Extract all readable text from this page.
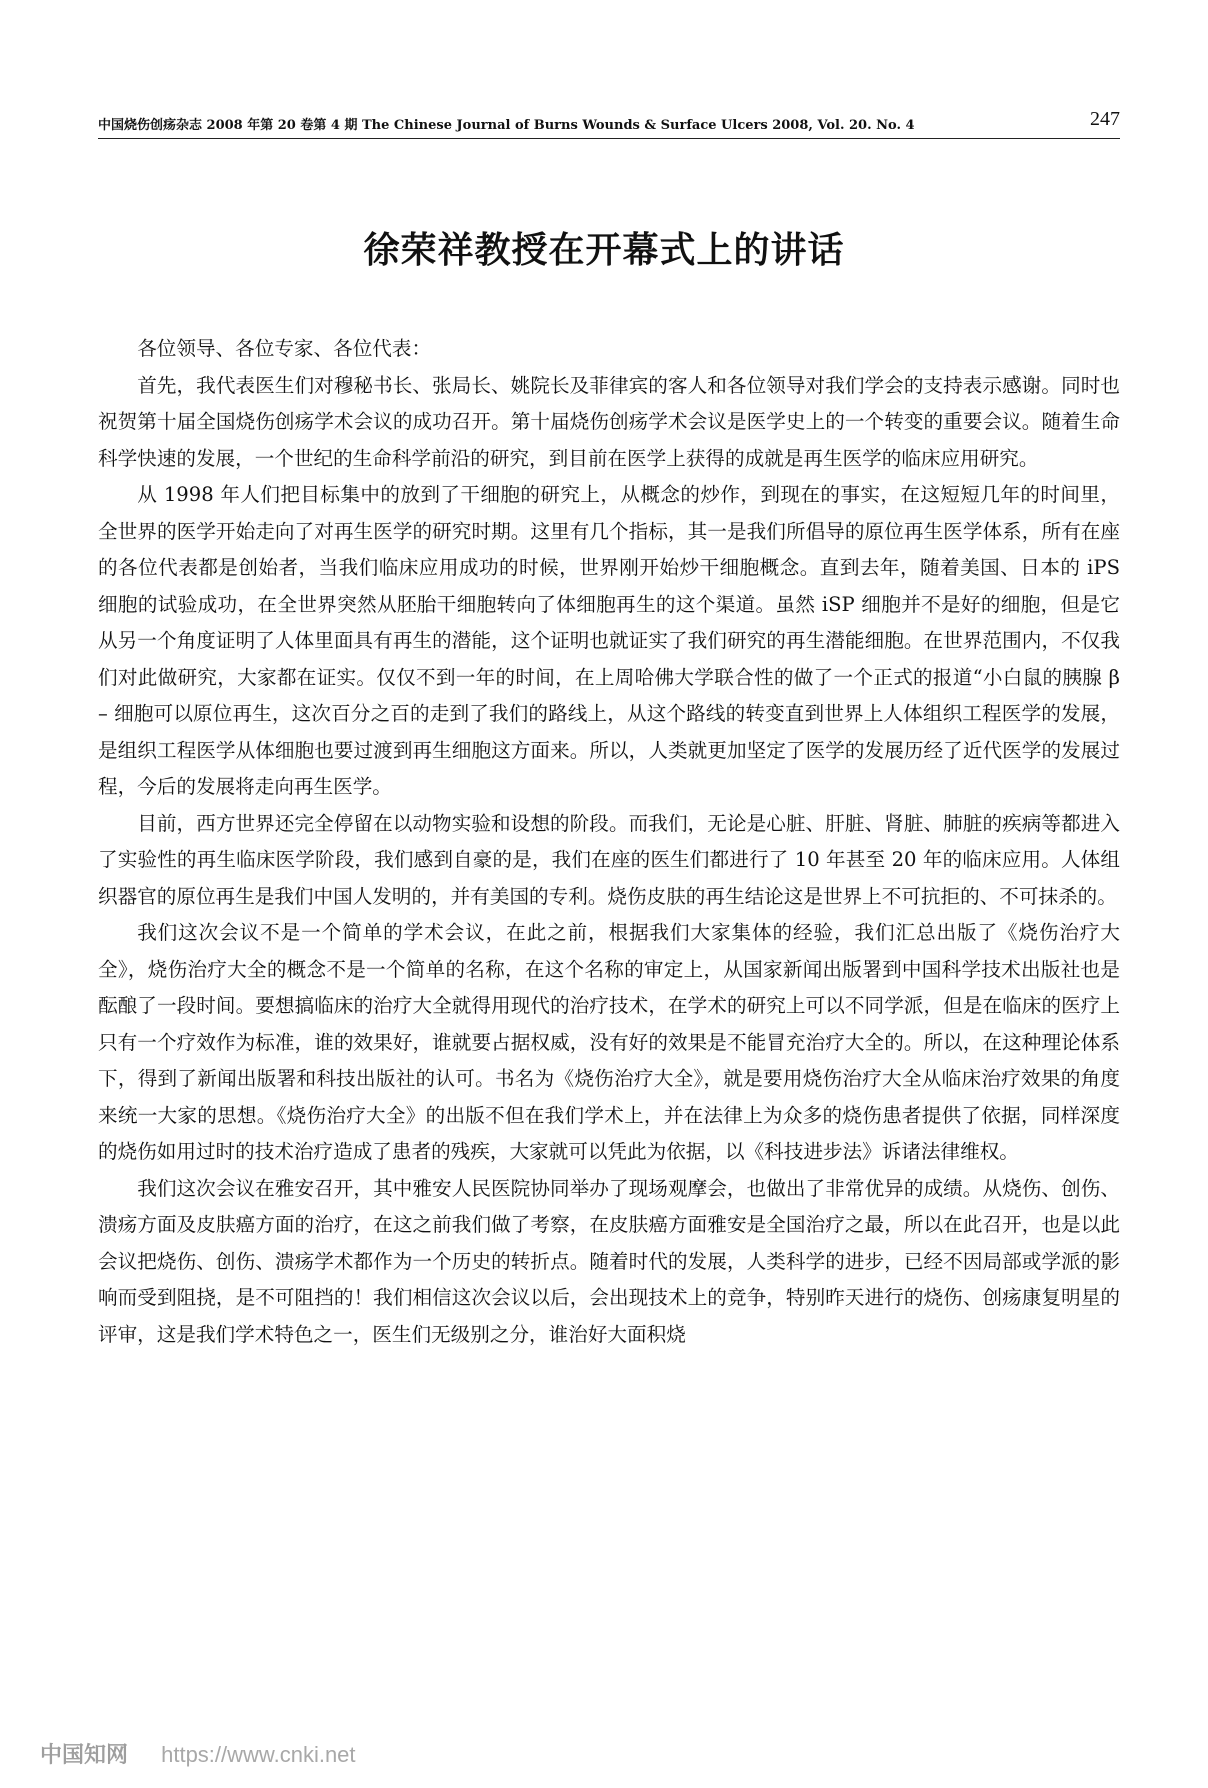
中国烧伤创疡杂志 2008 年第 20 卷第 4 期 The Chinese Journal of Burns Wounds & Surface Ulcers 2008, Vol. 20. No. 4	247
徐荣祥教授在开幕式上的讲话

各位领导、各位专家、各位代表：

首先，我代表医生们对穆秘书长、张局长、姚院长及菲律宾的客人和各位领导对我们学会的支持表示感谢。同时也祝贺第十届全国烧伤创疡学术会议的成功召开。第十届烧伤创疡学术会议是医学史上的一个转变的重要会议。随着生命科学快速的发展，一个世纪的生命科学前沿的研究，到目前在医学上获得的成就是再生医学的临床应用研究。

从 1998 年人们把目标集中的放到了干细胞的研究上，从概念的炒作，到现在的事实，在这短短几年的时间里，全世界的医学开始走向了对再生医学的研究时期。这里有几个指标，其一是我们所倡导的原位再生医学体系，所有在座的各位代表都是创始者，当我们临床应用成功的时候，世界刚开始炒干细胞概念。直到去年，随着美国、日本的 iPS 细胞的试验成功，在全世界突然从胚胎干细胞转向了体细胞再生的这个渠道。虽然 iSP 细胞并不是好的细胞，但是它从另一个角度证明了人体里面具有再生的潜能，这个证明也就证实了我们研究的再生潜能细胞。在世界范围内，不仅我们对此做研究，大家都在证实。仅仅不到一年的时间，在上周哈佛大学联合性的做了一个正式的报道“小白鼠的胰腺 β – 细胞可以原位再生，这次百分之百的走到了我们的路线上，从这个路线的转变直到世界上人体组织工程医学的发展，是组织工程医学从体细胞也要过渡到再生细胞这方面来。所以，人类就更加坚定了医学的发展历经了近代医学的发展过程，今后的发展将走向再生医学。

目前，西方世界还完全停留在以动物实验和设想的阶段。而我们，无论是心脏、肝脏、肾脏、肺脏的疾病等都进入了实验性的再生临床医学阶段，我们感到自豪的是，我们在座的医生们都进行了 10 年甚至 20 年的临床应用。人体组织器官的原位再生是我们中国人发明的，并有美国的专利。烧伤皮肤的再生结论这是世界上不可抗拒的、不可抹杀的。

我们这次会议不是一个简单的学术会议，在此之前，根据我们大家集体的经验，我们汇总出版了《烧伤治疗大全》，烧伤治疗大全的概念不是一个简单的名称，在这个名称的审定上，从国家新闻出版署到中国科学技术出版社也是酝酿了一段时间。要想搞临床的治疗大全就得用现代的治疗技术，在学术的研究上可以不同学派，但是在临床的医疗上只有一个疗效作为标准，谁的效果好，谁就要占据权威，没有好的效果是不能冒充治疗大全的。所以，在这种理论体系下，得到了新闻出版署和科技出版社的认可。书名为《烧伤治疗大全》，就是要用烧伤治疗大全从临床治疗效果的角度来统一大家的思想。《烧伤治疗大全》的出版不但在我们学术上，并在法律上为众多的烧伤患者提供了依据，同样深度的烧伤如用过时的技术治疗造成了患者的残疾，大家就可以凭此为依据，以《科技进步法》诉诸法律维权。

我们这次会议在雅安召开，其中雅安人民医院协同举办了现场观摩会，也做出了非常优异的成绩。从烧伤、创伤、溃疡方面及皮肤癌方面的治疗，在这之前我们做了考察，在皮肤癌方面雅安是全国治疗之最，所以在此召开，也是以此会议把烧伤、创伤、溃疡学术都作为一个历史的转折点。随着时代的发展，人类科学的进步，已经不因局部或学派的影响而受到阻挠，是不可阻挡的！我们相信这次会议以后，会出现技术上的竞争，特别昨天进行的烧伤、创疡康复明星的评审，这是我们学术特色之一，医生们无级别之分，谁治好大面积烧

中国知网 https://www.cnki.net
